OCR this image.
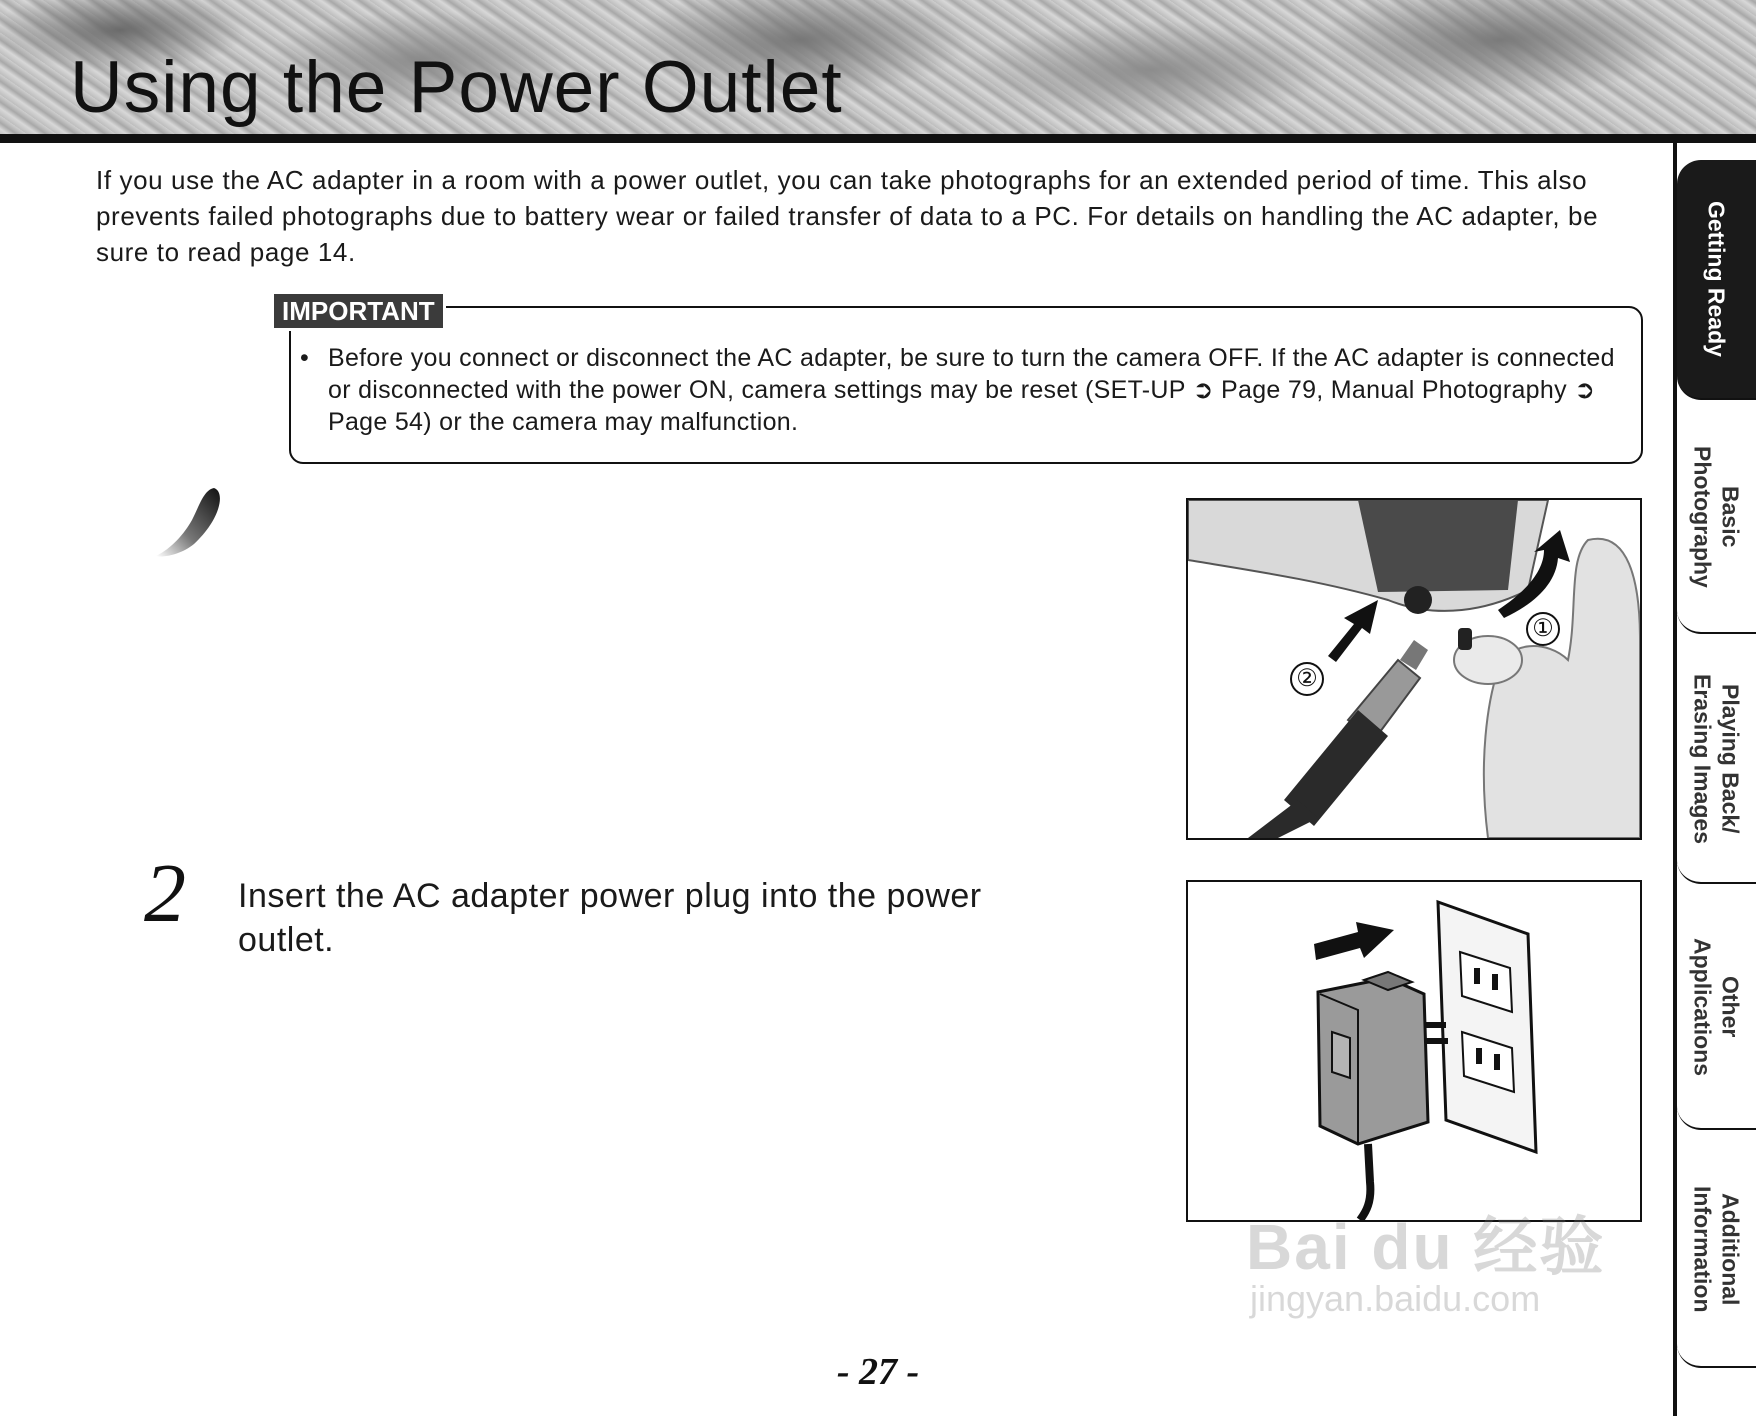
Using the Power Outlet

If you use the AC adapter in a room with a power outlet, you can take photographs for an extended period of time. This also prevents failed photographs due to battery wear or failed transfer of data to a PC. For details on handling the AC adapter, be sure to read page 14.

IMPORTANT

• Before you connect or disconnect the AC adapter, be sure to turn the camera OFF. If the AC adapter is connected or disconnected with the power ON, camera settings may be reset (SET-UP ➲ Page 79, Manual Photography ➲ Page 54) or the camera may malfunction.

2 Insert the AC adapter power plug into the power outlet.

①
②
Bai du 经验
jingyan.baidu.com
Getting Ready
Basic
Photography
Playing Back/
Erasing Images
Other
Applications
Additional
Information

- 27 -
